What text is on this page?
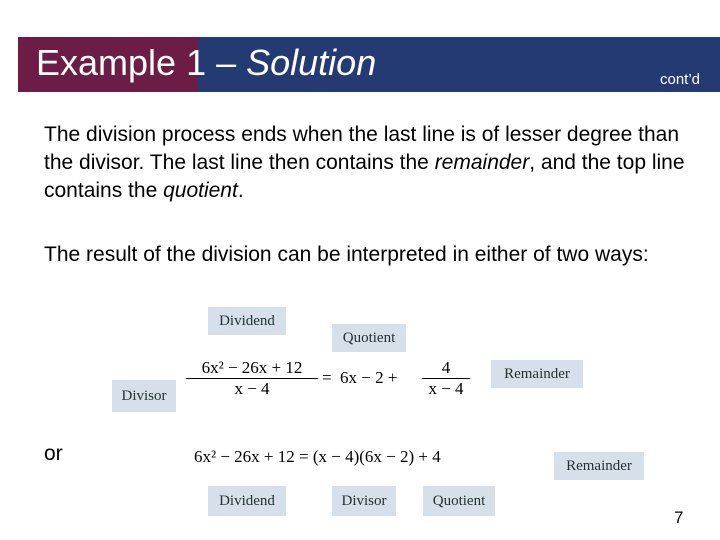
Example 1 – Solution	cont’d
The division process ends when the last line is of lesser degree than the divisor. The last line then contains the remainder, and the top line contains the quotient.
The result of the division can be interpreted in either of two ways:
Dividend
Quotient
Divisor
Remainder
6x² − 26x + 12
x − 4
= 6x − 2 +
4
x − 4
or	6x² − 26x + 12 = (x − 4)(6x − 2) + 4	Remainder
Dividend	Divisor	Quotient
7
